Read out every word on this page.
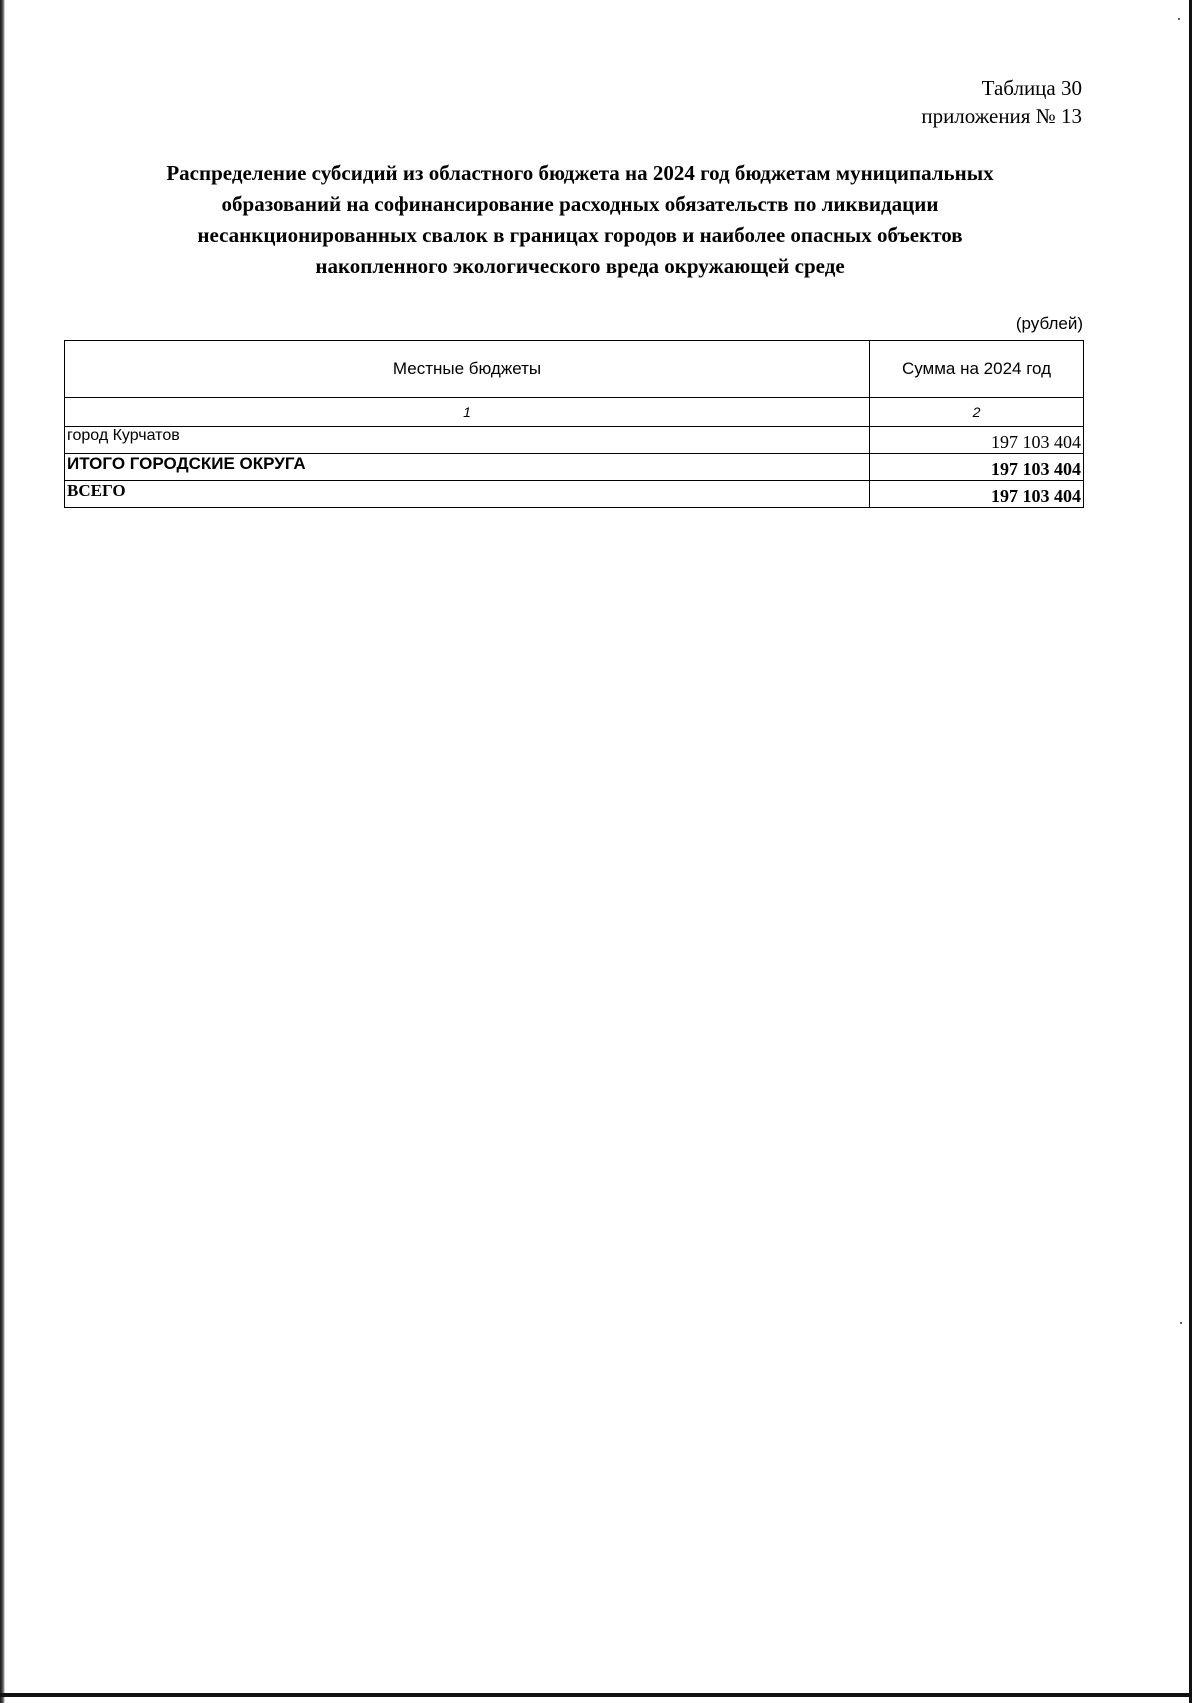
Таблица 30
приложения № 13
Распределение субсидий из областного бюджета на 2024 год бюджетам муниципальных
образований на софинансирование расходных обязательств по ликвидации
несанкционированных свалок в границах городов и наиболее опасных объектов
накопленного экологического вреда окружающей среде
(рублей)
Местные бюджеты	Сумма на 2024 год
1	2
город Курчатов	197 103 404
ИТОГО ГОРОДСКИЕ ОКРУГА	197 103 404
ВСЕГО	197 103 404
